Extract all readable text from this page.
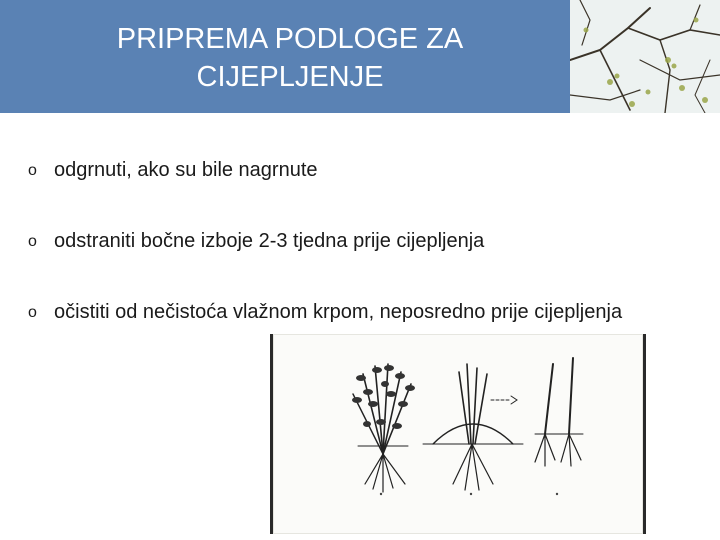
PRIPREMA PODLOGE ZA
CIJEPLJENJE
o odgrnuti, ako su bile nagrnute
o odstraniti bočne izboje 2-3 tjedna prije cijepljenja
o očistiti od nečistoća vlažnom krpom, neposredno prije cijepljenja
